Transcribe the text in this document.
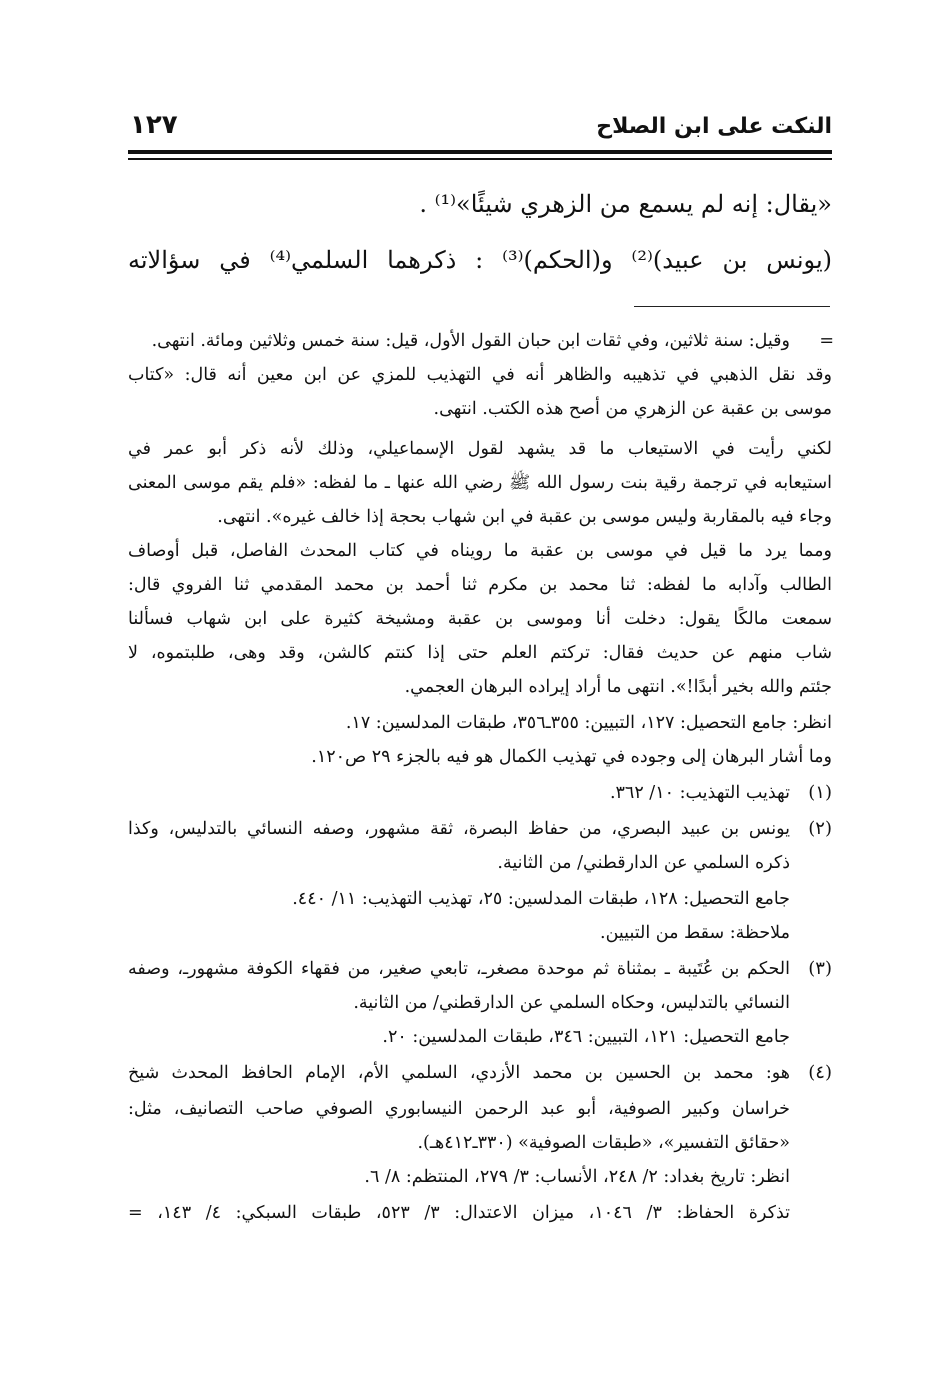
النكت على ابن الصلاح
١٢٧
«يقال: إنه لم يسمع من الزهري شيئًا»⁽¹⁾ .
(يونس بن عبيد)⁽²⁾ و(الحكم)⁽³⁾ : ذكرهما السلمي⁽⁴⁾ في سؤالاته
=
وقيل: سنة ثلاثين، وفي ثقات ابن حبان القول الأول، قيل: سنة خمس وثلاثين ومائة. انتهى.
وقد نقل الذهبي في تذهيبه والظاهر أنه في التهذيب للمزي عن ابن معين أنه قال: «كتاب
موسى بن عقبة عن الزهري من أصح هذه الكتب. انتهى.
لكني رأيت في الاستيعاب ما قد يشهد لقول الإسماعيلي، وذلك لأنه ذكر أبو عمر في
استيعابه في ترجمة رقية بنت رسول الله ﷺ رضي الله عنها ـ ما لفظه: «فلم يقم موسى المعنى
وجاء فيه بالمقاربة وليس موسى بن عقبة في ابن شهاب بحجة إذا خالف غيره». انتهى.
ومما يرد ما قيل في موسى بن عقبة ما رويناه في كتاب المحدث الفاصل، قبل أوصاف
الطالب وآدابه ما لفظه: ثنا محمد بن مكرم ثنا أحمد بن محمد المقدمي ثنا الفروي قال:
سمعت مالكًا يقول: دخلت أنا وموسى بن عقبة ومشيخة كثيرة على ابن شهاب فسألنا
شاب منهم عن حديث فقال: تركتم العلم حتى إذا كنتم كالشن، وقد وهى، طلبتموه، لا
جئتم والله بخير أبدًا!». انتهى ما أراد إيراده البرهان العجمي.
انظر: جامع التحصيل: ١٢٧، التبيين: ٣٥٥ـ٣٥٦، طبقات المدلسين: ١٧.
وما أشار البرهان إلى وجوده في تهذيب الكمال هو فيه بالجزء ٢٩ ص١٢٠.
(١)
تهذيب التهذيب: ١٠/ ٣٦٢.
(٢)
يونس بن عبيد البصري، من حفاظ البصرة، ثقة مشهور، وصفه النسائي بالتدليس، وكذا
ذكره السلمي عن الدارقطني/ من الثانية.
جامع التحصيل: ١٢٨، طبقات المدلسين: ٢٥، تهذيب التهذيب: ١١/ ٤٤٠.
ملاحظة: سقط من التبيين.
(٣)
الحكم بن عُتَيبة ـ بمثناة ثم موحدة مصغرـ، تابعي صغير، من فقهاء الكوفة مشهورـ، وصفه
النسائي بالتدليس، وحكاه السلمي عن الدارقطني/ من الثانية.
جامع التحصيل: ١٢١، التبيين: ٣٤٦، طبقات المدلسين: ٢٠.
(٤)
هو: محمد بن الحسين بن محمد الأزدي، السلمي الأم، الإمام الحافظ المحدث شيخ
خراسان وكبير الصوفية، أبو عبد الرحمن النيسابوري الصوفي صاحب التصانيف، مثل:
«حقائق التفسير»، «طبقات الصوفية» (٣٣٠ـ٤١٢هـ).
انظر: تاريخ بغداد: ٢/ ٢٤٨، الأنساب: ٣/ ٢٧٩، المنتظم: ٨/ ٦.
تذكرة الحفاظ: ٣/ ١٠٤٦، ميزان الاعتدال: ٣/ ٥٢٣، طبقات السبكي: ٤/ ١٤٣، =
